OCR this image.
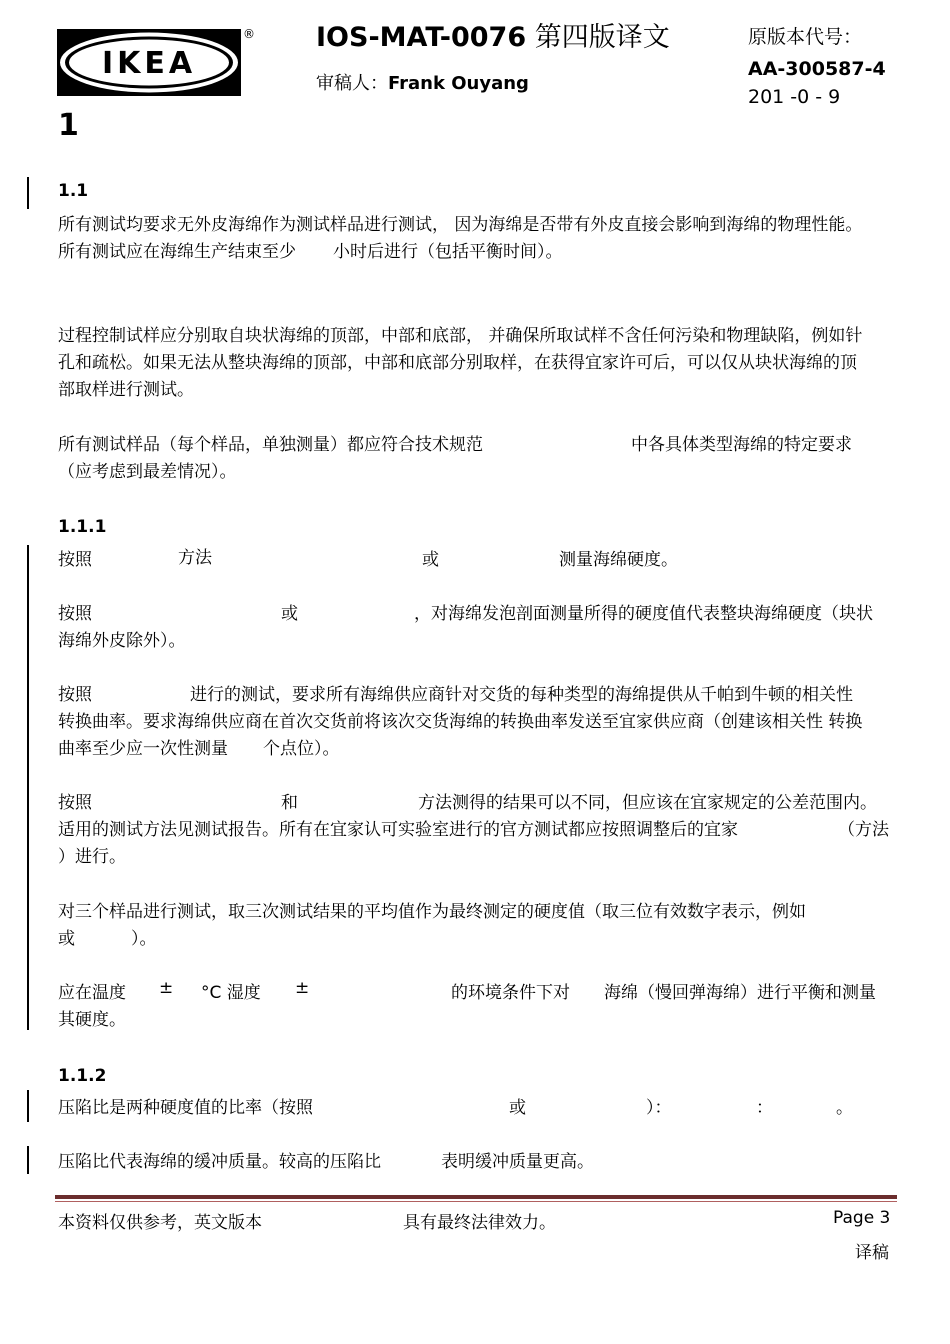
IKEA
® IOS-MAT-0076 第四版译文
审稿人：Frank Ouyang
原版本代号：
AA-300587-4
201 -0 - 9
1
1.1
所有测试均要求无外皮海绵作为测试样品进行测试， 因为海绵是否带有外皮直接会影响到海绵的物理性能。
所有测试应在海绵生产结束至少 小时后进行（包括平衡时间）。
过程控制试样应分别取自块状海绵的顶部，中部和底部， 并确保所取试样不含任何污染和物理缺陷，例如针
孔和疏松。如果无法从整块海绵的顶部，中部和底部分别取样，在获得宜家许可后，可以仅从块状海绵的顶
部取样进行测试。
所有测试样品（每个样品，单独测量）都应符合技术规范	中各具体类型海绵的特定要求
（应考虑到最差情况）。
1.1.1
按照	方法	或	测量海绵硬度。
按照	或	，对海绵发泡剖面测量所得的硬度值代表整块海绵硬度（块状
海绵外皮除外）。
按照	进行的测试，要求所有海绵供应商针对交货的每种类型的海绵提供从千帕到牛顿的相关性
转换曲率。要求海绵供应商在首次交货前将该次交货海绵的转换曲率发送至宜家供应商（创建该相关性 转换
曲率至少应一次性测量 个点位）。
按照	和	方法测得的结果可以不同，但应该在宜家规定的公差范围内。
适用的测试方法见测试报告。所有在宜家认可实验室进行的官方测试都应按照调整后的宜家	（方法
）进行。
对三个样品进行测试，取三次测试结果的平均值作为最终测定的硬度值（取三位有效数字表示，例如
或	）。
应在温度 ± °C 湿度 ±	的环境条件下对 海绵（慢回弹海绵）进行平衡和测量
其硬度。
1.1.2
压陷比是两种硬度值的比率（按照	或	）：	：	。
压陷比代表海绵的缓冲质量。较高的压陷比	表明缓冲质量更高。
本资料仅供参考，英文版本	具有最终法律效力。	Page 3
译稿
